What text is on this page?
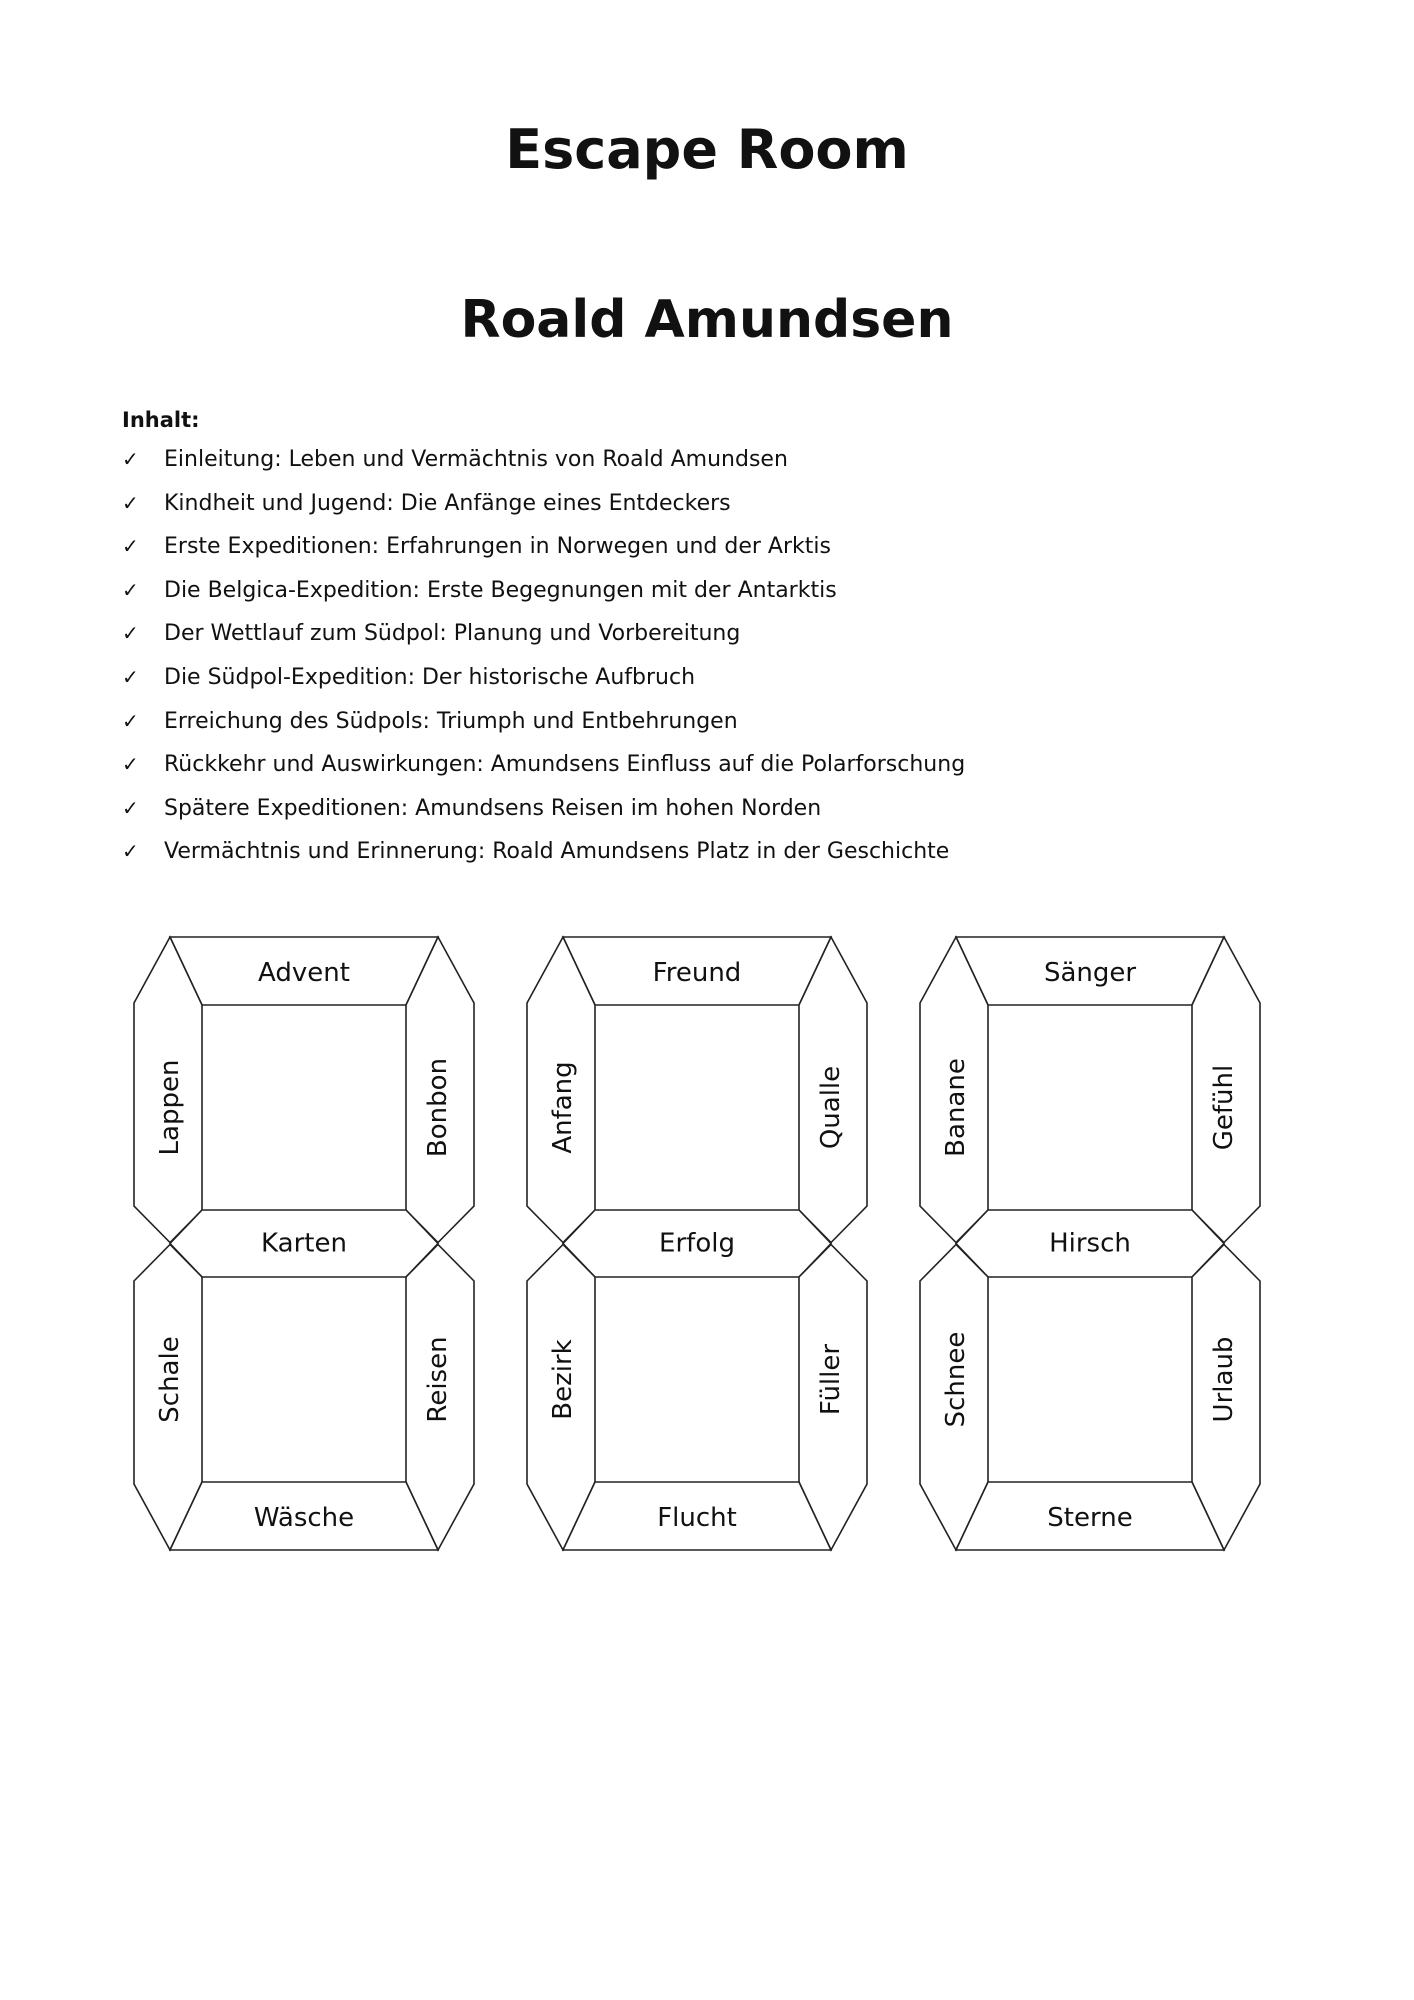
Escape Room
Roald Amundsen

Inhalt:

✓ Einleitung: Leben und Vermächtnis von Roald Amundsen
✓ Kindheit und Jugend: Die Anfänge eines Entdeckers
✓ Erste Expeditionen: Erfahrungen in Norwegen und der Arktis
✓ Die Belgica-Expedition: Erste Begegnungen mit der Antarktis
✓ Der Wettlauf zum Südpol: Planung und Vorbereitung
✓ Die Südpol-Expedition: Der historische Aufbruch
✓ Erreichung des Südpols: Triumph und Entbehrungen
✓ Rückkehr und Auswirkungen: Amundsens Einfluss auf die Polarforschung
✓ Spätere Expeditionen: Amundsens Reisen im hohen Norden
✓ Vermächtnis und Erinnerung: Roald Amundsens Platz in der Geschichte
Advent
Lappen	Bonbon
Karten
Schale	Reisen
Wäsche
Freund
Anfang	Qualle
Erfolg
Bezirk	Füller
Flucht
Sänger
Banane	Gefühl
Hirsch
Schnee	Urlaub
Sterne
